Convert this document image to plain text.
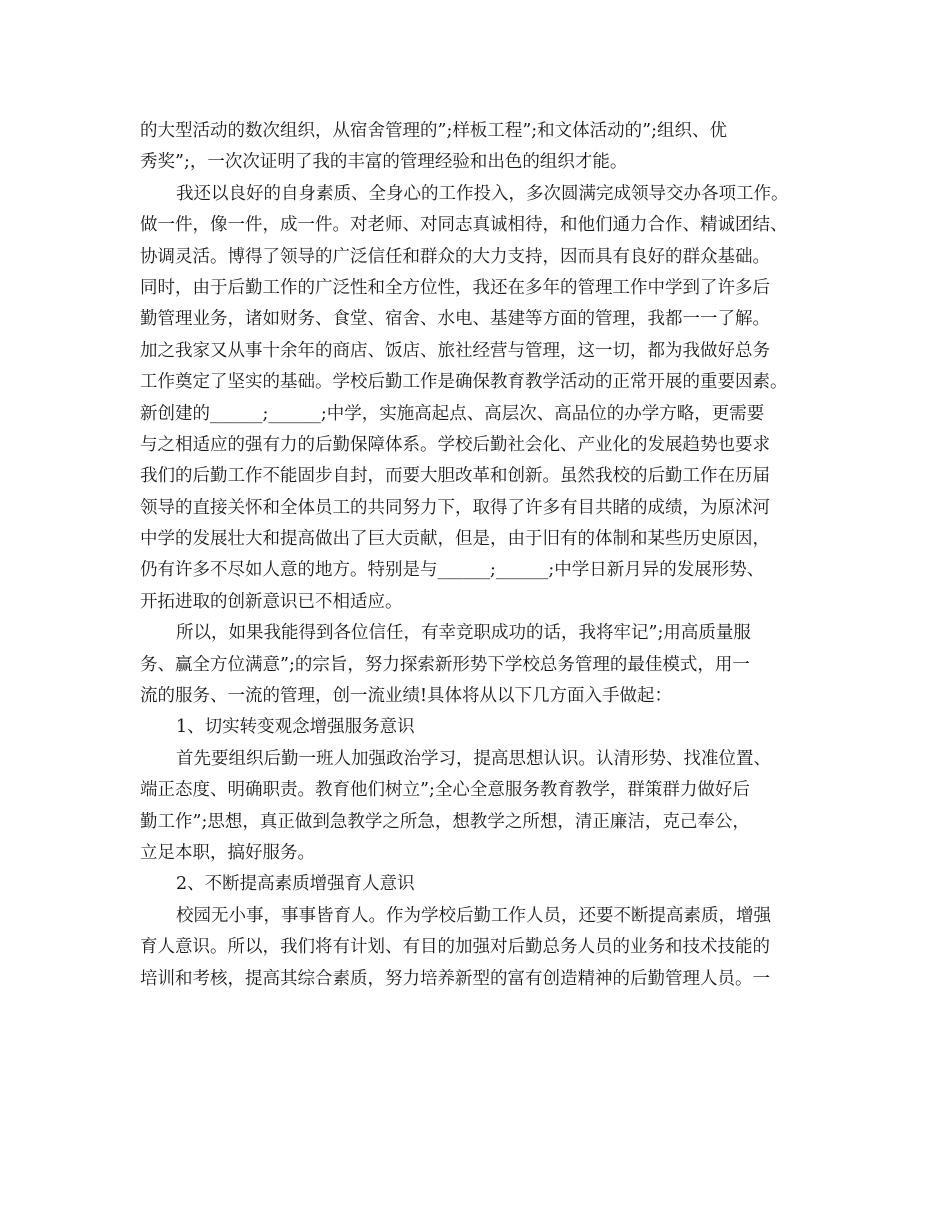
的大型活动的数次组织，从宿舍管理的”;样板工程”;和文体活动的”;组织、优
秀奖”;，一次次证明了我的丰富的管理经验和出色的组织才能。
我还以良好的自身素质、全身心的工作投入，多次圆满完成领导交办各项工作。
做一件，像一件，成一件。对老师、对同志真诚相待，和他们通力合作、精诚团结、
协调灵活。博得了领导的广泛信任和群众的大力支持，因而具有良好的群众基础。
同时，由于后勤工作的广泛性和全方位性，我还在多年的管理工作中学到了许多后
勤管理业务，诸如财务、食堂、宿舍、水电、基建等方面的管理，我都一一了解。
加之我家又从事十余年的商店、饭店、旅社经营与管理，这一切，都为我做好总务
工作奠定了坚实的基础。学校后勤工作是确保教育教学活动的正常开展的重要因素。
新创建的______;______;中学，实施高起点、高层次、高品位的办学方略，更需要
与之相适应的强有力的后勤保障体系。学校后勤社会化、产业化的发展趋势也要求
我们的后勤工作不能固步自封，而要大胆改革和创新。虽然我校的后勤工作在历届
领导的直接关怀和全体员工的共同努力下，取得了许多有目共睹的成绩，为原沭河
中学的发展壮大和提高做出了巨大贡献，但是，由于旧有的体制和某些历史原因，
仍有许多不尽如人意的地方。特别是与______;______;中学日新月异的发展形势、
开拓进取的创新意识已不相适应。
所以，如果我能得到各位信任，有幸竞职成功的话，我将牢记”;用高质量服
务、赢全方位满意”;的宗旨，努力探索新形势下学校总务管理的最佳模式，用一
流的服务、一流的管理，创一流业绩!具体将从以下几方面入手做起：
1、切实转变观念增强服务意识
首先要组织后勤一班人加强政治学习，提高思想认识。认清形势、找准位置、
端正态度、明确职责。教育他们树立”;全心全意服务教育教学，群策群力做好后
勤工作”;思想，真正做到急教学之所急，想教学之所想，清正廉洁，克己奉公，
立足本职，搞好服务。
2、不断提高素质增强育人意识
校园无小事，事事皆育人。作为学校后勤工作人员，还要不断提高素质，增强
育人意识。所以，我们将有计划、有目的加强对后勤总务人员的业务和技术技能的
培训和考核，提高其综合素质，努力培养新型的富有创造精神的后勤管理人员。一
